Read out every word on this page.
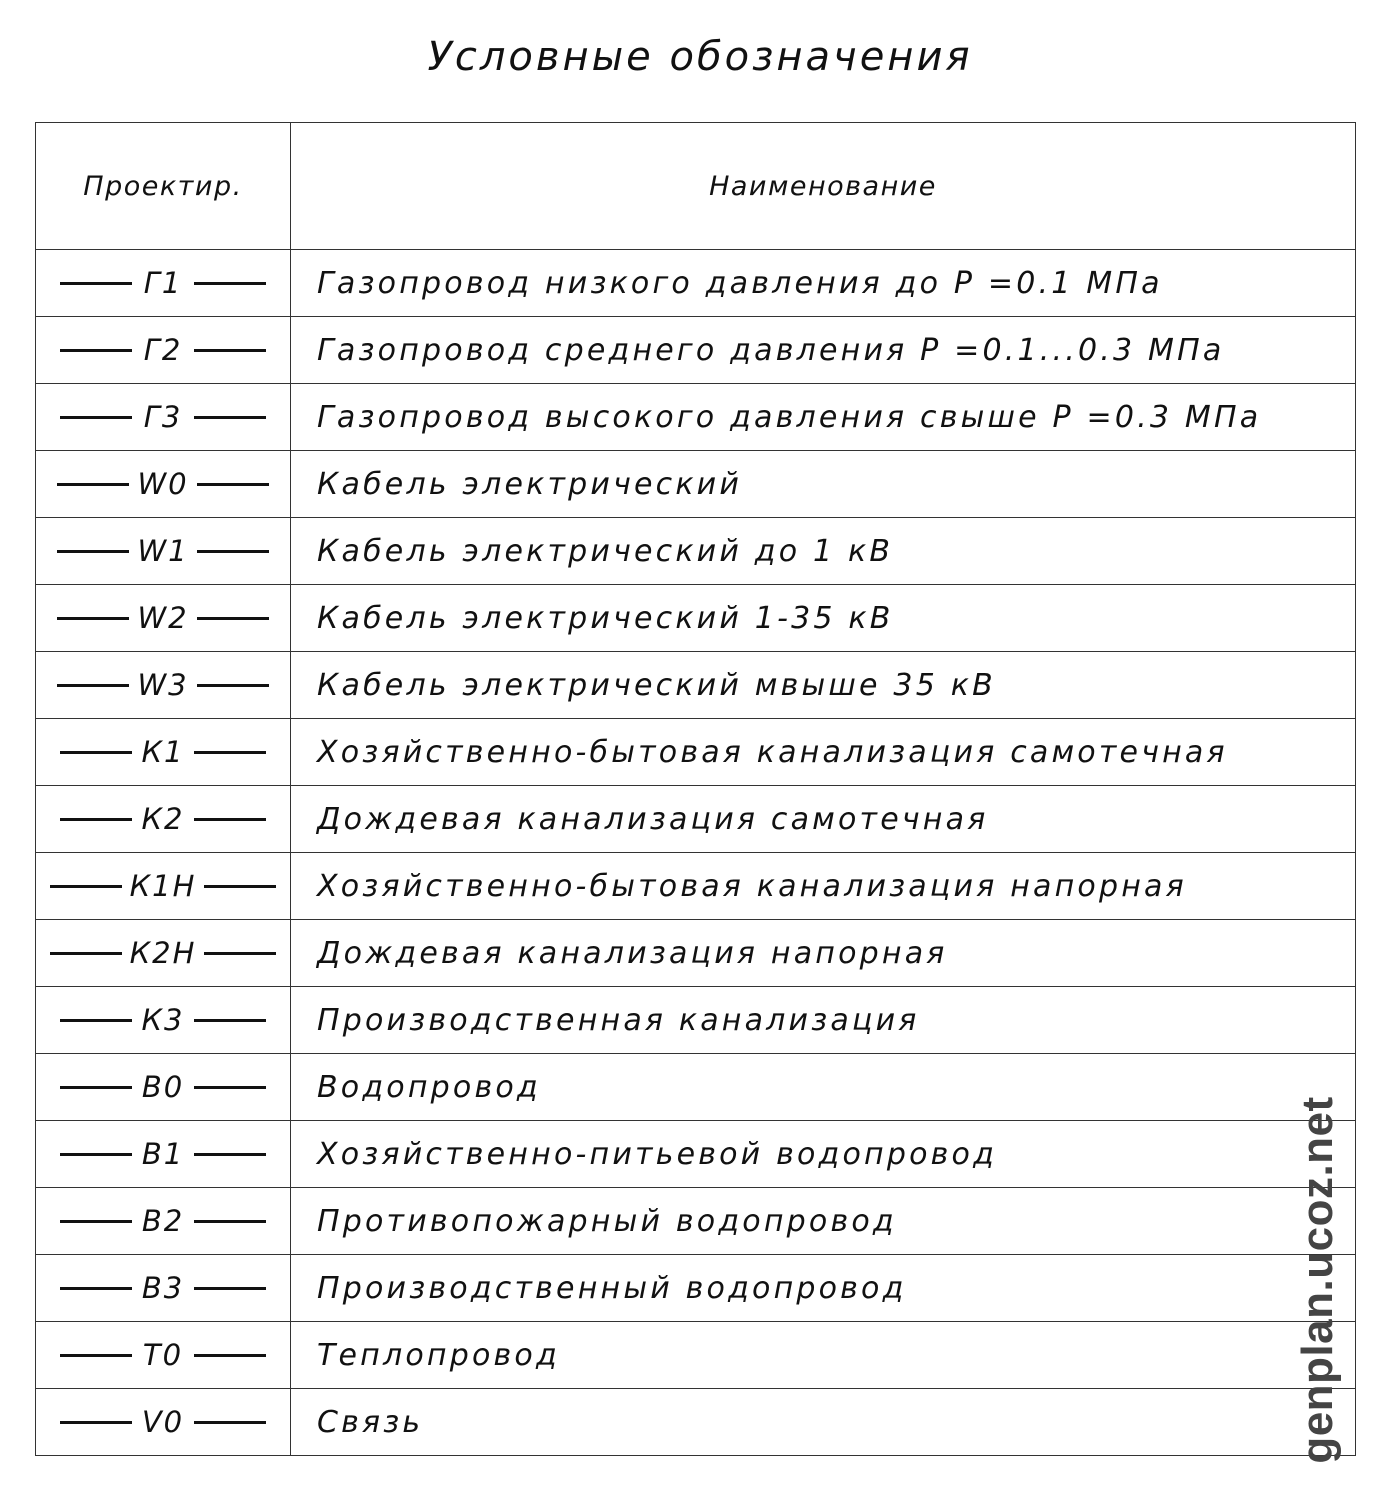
Условные обозначения
Проектир.	Наименование

Г1	Газопровод низкого давления до P =0.1 МПа

Г2	Газопровод среднего давления P =0.1...0.3 МПа

Г3	Газопровод высокого давления свыше P =0.3 МПа

W0	Кабель электрический

W1	Кабель электрический до 1 кВ

W2	Кабель электрический 1-35 кВ

W3	Кабель электрический мвыше 35 кВ

К1	Хозяйственно-бытовая канализация самотечная

К2	Дождевая канализация самотечная

К1Н	Хозяйственно-бытовая канализация напорная

К2Н	Дождевая канализация напорная

К3	Производственная канализация

В0	Водопровод

В1	Хозяйственно-питьевой водопровод

В2	Противопожарный водопровод

В3	Производственный водопровод

Т0	Теплопровод

V0	Связь	genplan.ucoz.net
